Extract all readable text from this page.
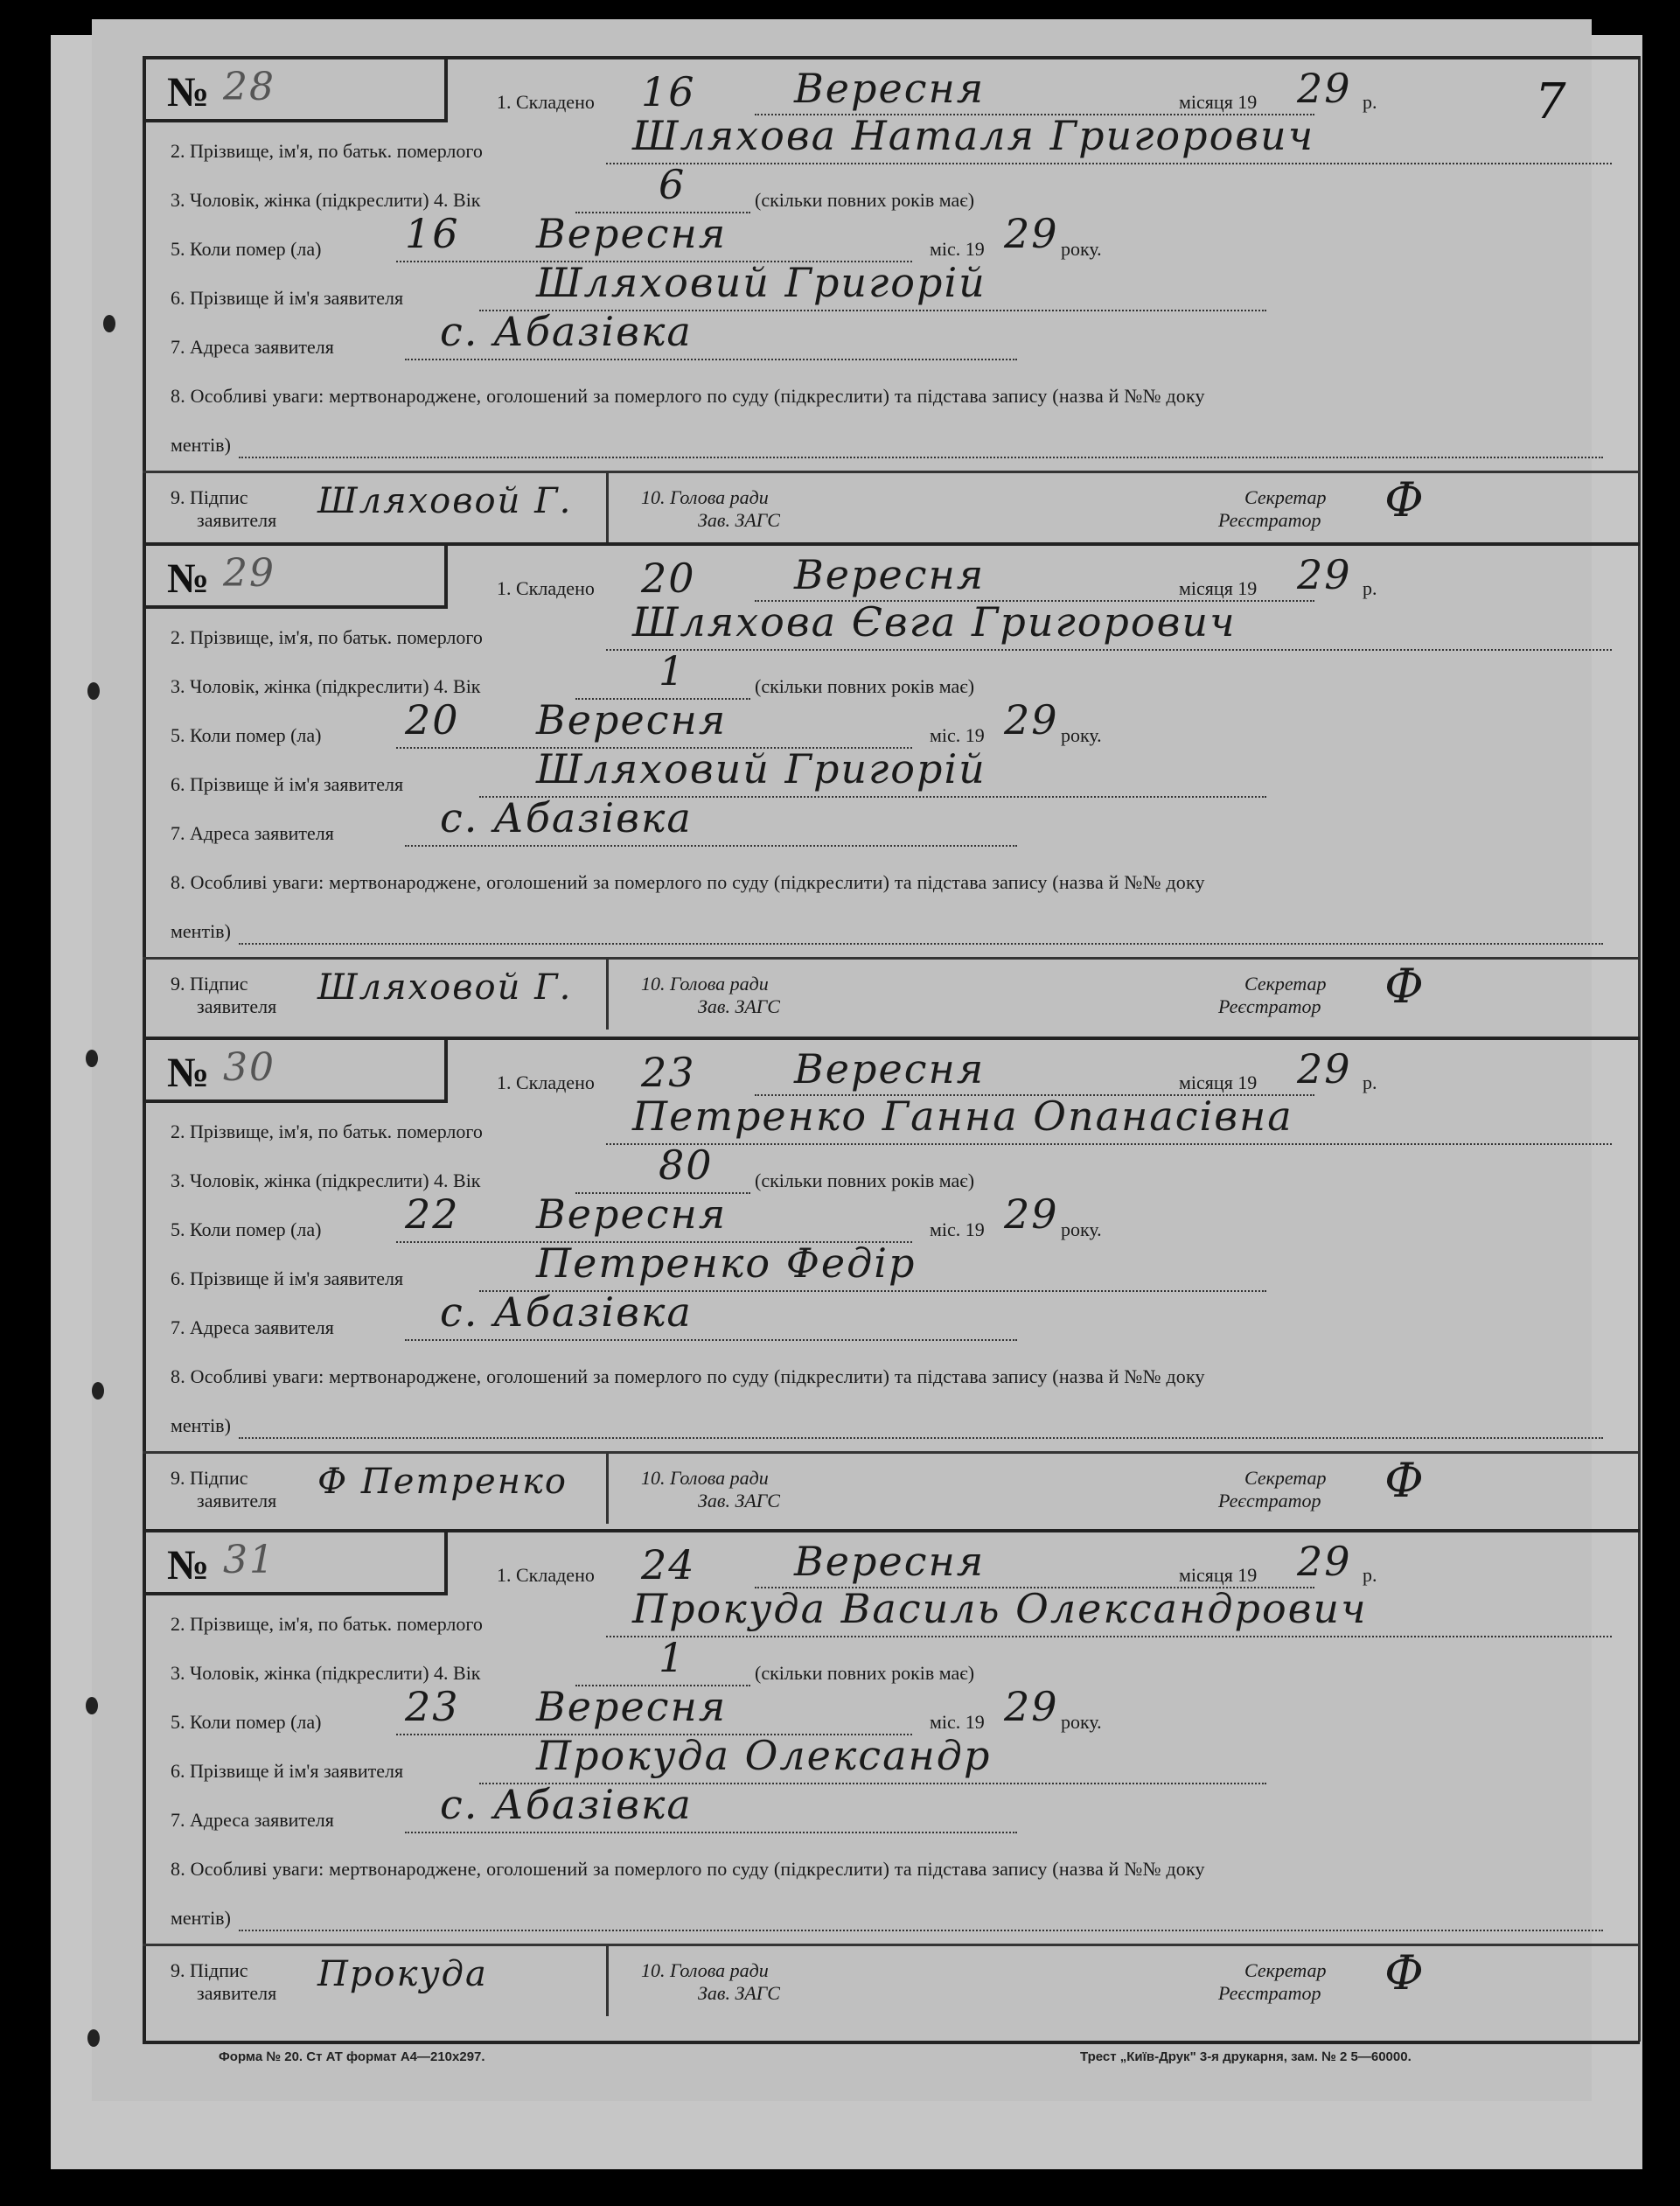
7
№ 28	1. Складено 16 Вересня	місяця 19 29 р.
2. Прізвище, ім'я, по батьк. померлого	Шляхова Наталя Григорович
3. Чоловік, жінка (підкреслити) 4. Вік	6	(скільки повних років має)
5. Коли помер (ла) 16 Вересня	міс. 19 29 року.
6. Прізвище й ім'я заявителя	Шляховий Григорій
7. Адреса заявителя	с. Абазівка
8. Особливі уваги: мертвонароджене, оголошений за померлого по суду (підкреслити) та підстава запису (назва й №№ доку
ментів)
9. Підпис
заявителя Шляховой Г.	10. Голова ради
Зав. ЗАГС
Секретар
Реєстратор Ф
№ 29	1. Складено 20 Вересня	місяця 19 29 р.
2. Прізвище, ім'я, по батьк. померлого	Шляхова Євга Григорович
3. Чоловік, жінка (підкреслити) 4. Вік	1	(скільки повних років має)
5. Коли помер (ла) 20 Вересня	міс. 19 29 року.
6. Прізвище й ім'я заявителя	Шляховий Григорій
7. Адреса заявителя	с. Абазівка
8. Особливі уваги: мертвонароджене, оголошений за померлого по суду (підкреслити) та підстава запису (назва й №№ доку
ментів)
9. Підпис
заявителя Шляховой Г.	10. Голова ради
Зав. ЗАГС
Секретар
Реєстратор Ф
№ 30	1. Складено 23 Вересня	місяця 19 29 р.
2. Прізвище, ім'я, по батьк. померлого	Петренко Ганна Опанасівна
3. Чоловік, жінка (підкреслити) 4. Вік	80 (скільки повних років має)
5. Коли помер (ла) 22 Вересня	міс. 19 29 року.
6. Прізвище й ім'я заявителя	Петренко Федір
7. Адреса заявителя	с. Абазівка
8. Особливі уваги: мертвонароджене, оголошений за померлого по суду (підкреслити) та підстава запису (назва й №№ доку
ментів)
9. Підпис
заявителя Ф Петренко	10. Голова ради
Зав. ЗАГС
Секретар
Реєстратор Ф
№ 31	1. Складено 24 Вересня	місяця 19 29 р.
2. Прізвище, ім'я, по батьк. померлого	Прокуда Василь Олександрович
3. Чоловік, жінка (підкреслити) 4. Вік	1	(скільки повних років має)
5. Коли помер (ла) 23 Вересня	міс. 19 29 року.
6. Прізвище й ім'я заявителя	Прокуда Олександр
7. Адреса заявителя	с. Абазівка
8. Особливі уваги: мертвонароджене, оголошений за померлого по суду (підкреслити) та підстава запису (назва й №№ доку
ментів)
9. Підпис
заявителя Прокуда	10. Голова ради
Зав. ЗАГС
Секретар
Реєстратор Ф
Форма № 20. Ст АТ формат А4—210х297.	Трест „Київ-Друк" 3-я друкарня, зам. № 2 5—60000.
